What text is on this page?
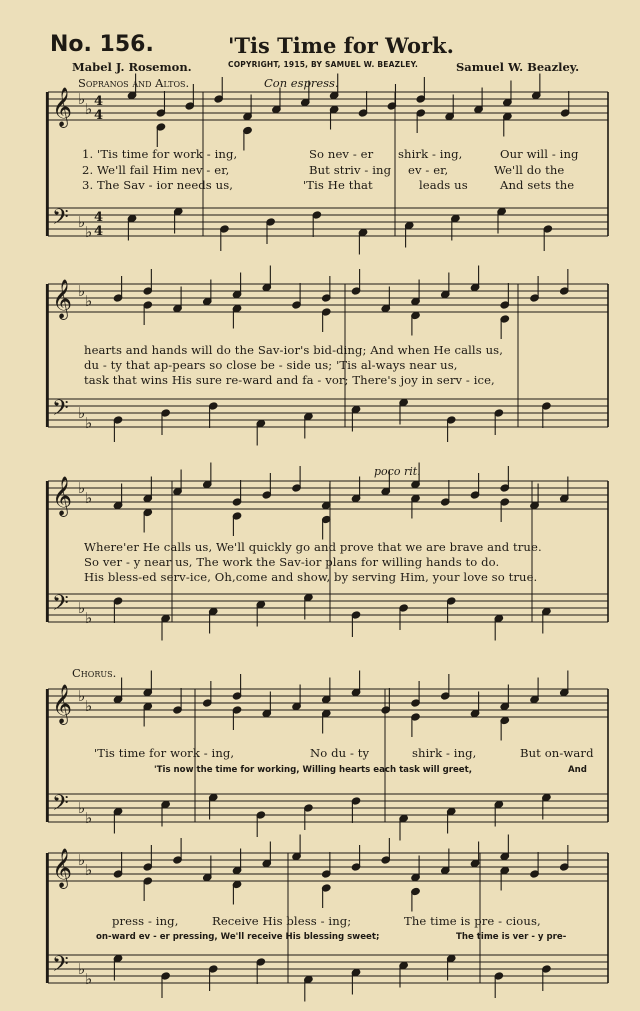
𝄞 ♭
♭ 4
4
𝄢 ♭
♭
4
4
𝄞 ♭
♭
𝄢 ♭
♭
𝄞 ♭
♭
𝄢 ♭
♭
𝄞 ♭
♭
𝄢 ♭
♭
𝄞 ♭
♭
𝄢 ♭
♭
No. 156.	'Tis Time for Work.
Mabel J. Rosemon.	COPYRIGHT, 1915, BY SAMUEL W. BEAZLEY.	Samuel W. Beazley.
Sopranos and Altos.	Con espress.
1. 'Tis time for work - ing,	So nev - er shirk - ing,	Our will - ing
2. We'll fail Him nev - er,	But striv - ing ev - er,	We'll do the
3. The Sav - ior needs us,	'Tis He that	leads us	And sets the
hearts and hands will do the Sav-ior's bid-ding; And when He calls us,
du - ty that ap-pears so close be - side us; 'Tis al-ways near us,
task that wins His sure re-ward and fa - vor; There's joy in serv - ice,
poco rit.
Where'er He calls us, We'll quickly go and prove that we are brave and true.
So ver - y near us, The work the Sav-ior plans for willing hands to do.
His bless-ed serv-ice, Oh,come and show, by serving Him, your love so true.
Chorus.
'Tis time for work - ing,	No du - ty	shirk - ing,	But on-ward
'Tis now the time for working, Willing hearts each task will greet,	And
press - ing,	Receive His bless - ing;	The time is pre - cious,
on-ward ev - er pressing, We'll receive His blessing sweet;	The time is ver - y pre-
